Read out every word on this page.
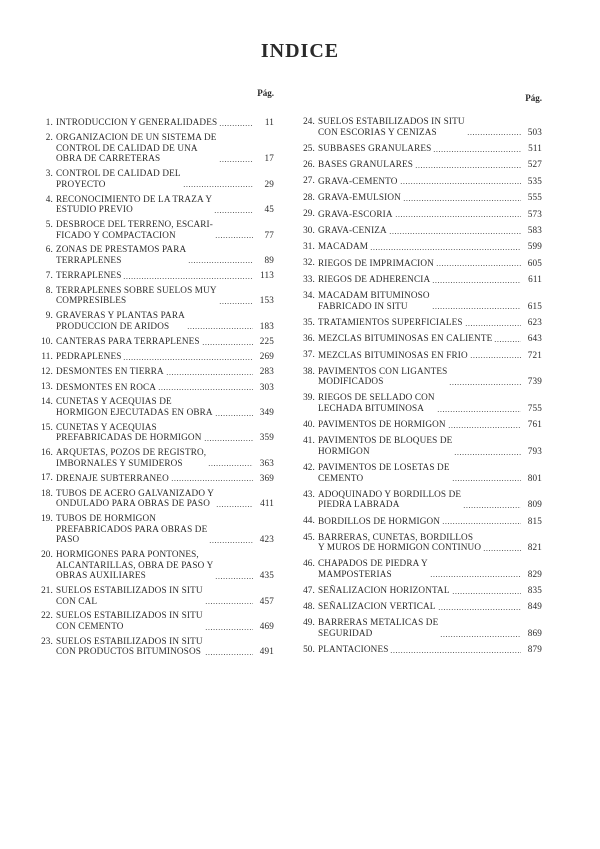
INDICE
Pág.
1. INTRODUCCION Y GENERALIDADES	11
2. ORGANIZACION DE UN SISTEMA DE
CONTROL DE CALIDAD DE UNA
OBRA DE CARRETERAS	17
3. CONTROL DE CALIDAD DEL
PROYECTO	29
4. RECONOCIMIENTO DE LA TRAZA Y
ESTUDIO PREVIO	45
5. DESBROCE DEL TERRENO, ESCARI-
FICADO Y COMPACTACION	77
6. ZONAS DE PRESTAMOS PARA
TERRAPLENES	89
7. TERRAPLENES	113
8. TERRAPLENES SOBRE SUELOS MUY
COMPRESIBLES	153
9. GRAVERAS Y PLANTAS PARA
PRODUCCION DE ARIDOS	183
10. CANTERAS PARA TERRAPLENES	225
11. PEDRAPLENES	269
12. DESMONTES EN TIERRA	283
13. DESMONTES EN ROCA	303
14. CUNETAS Y ACEQUIAS DE
HORMIGON EJECUTADAS EN OBRA	349
15. CUNETAS Y ACEQUIAS
PREFABRICADAS DE HORMIGON	359
16. ARQUETAS, POZOS DE REGISTRO,
IMBORNALES Y SUMIDEROS	363
17. DRENAJE SUBTERRANEO	369
18. TUBOS DE ACERO GALVANIZADO Y
ONDULADO PARA OBRAS DE PASO	411
19. TUBOS DE HORMIGON
PREFABRICADOS PARA OBRAS DE
PASO	423
20. HORMIGONES PARA PONTONES,
ALCANTARILLAS, OBRA DE PASO Y
OBRAS AUXILIARES	435
21. SUELOS ESTABILIZADOS IN SITU
CON CAL	457
22. SUELOS ESTABILIZADOS IN SITU
CON CEMENTO	469
23. SUELOS ESTABILIZADOS IN SITU
CON PRODUCTOS BITUMINOSOS	491
Pág.
24. SUELOS ESTABILIZADOS IN SITU
CON ESCORIAS Y CENIZAS	503
25. SUBBASES GRANULARES	511
26. BASES GRANULARES	527
27. GRAVA-CEMENTO	535
28. GRAVA-EMULSION	555
29. GRAVA-ESCORIA	573
30. GRAVA-CENIZA	583
31. MACADAM	599
32. RIEGOS DE IMPRIMACION	605
33. RIEGOS DE ADHERENCIA	611
34. MACADAM BITUMINOSO
FABRICADO IN SITU	615
35. TRATAMIENTOS SUPERFICIALES	623
36. MEZCLAS BITUMINOSAS EN CALIENTE	643
37. MEZCLAS BITUMINOSAS EN FRIO	721
38. PAVIMENTOS CON LIGANTES
MODIFICADOS	739
39. RIEGOS DE SELLADO CON
LECHADA BITUMINOSA	755
40. PAVIMENTOS DE HORMIGON	761
41. PAVIMENTOS DE BLOQUES DE
HORMIGON	793
42. PAVIMENTOS DE LOSETAS DE
CEMENTO	801
43. ADOQUINADO Y BORDILLOS DE
PIEDRA LABRADA	809
44. BORDILLOS DE HORMIGON	815
45. BARRERAS, CUNETAS, BORDILLOS
Y MUROS DE HORMIGON CONTINUO	821
46. CHAPADOS DE PIEDRA Y
MAMPOSTERIAS	829
47. SEÑALIZACION HORIZONTAL	835
48. SEÑALIZACION VERTICAL	849
49. BARRERAS METALICAS DE
SEGURIDAD	869
50. PLANTACIONES	879
